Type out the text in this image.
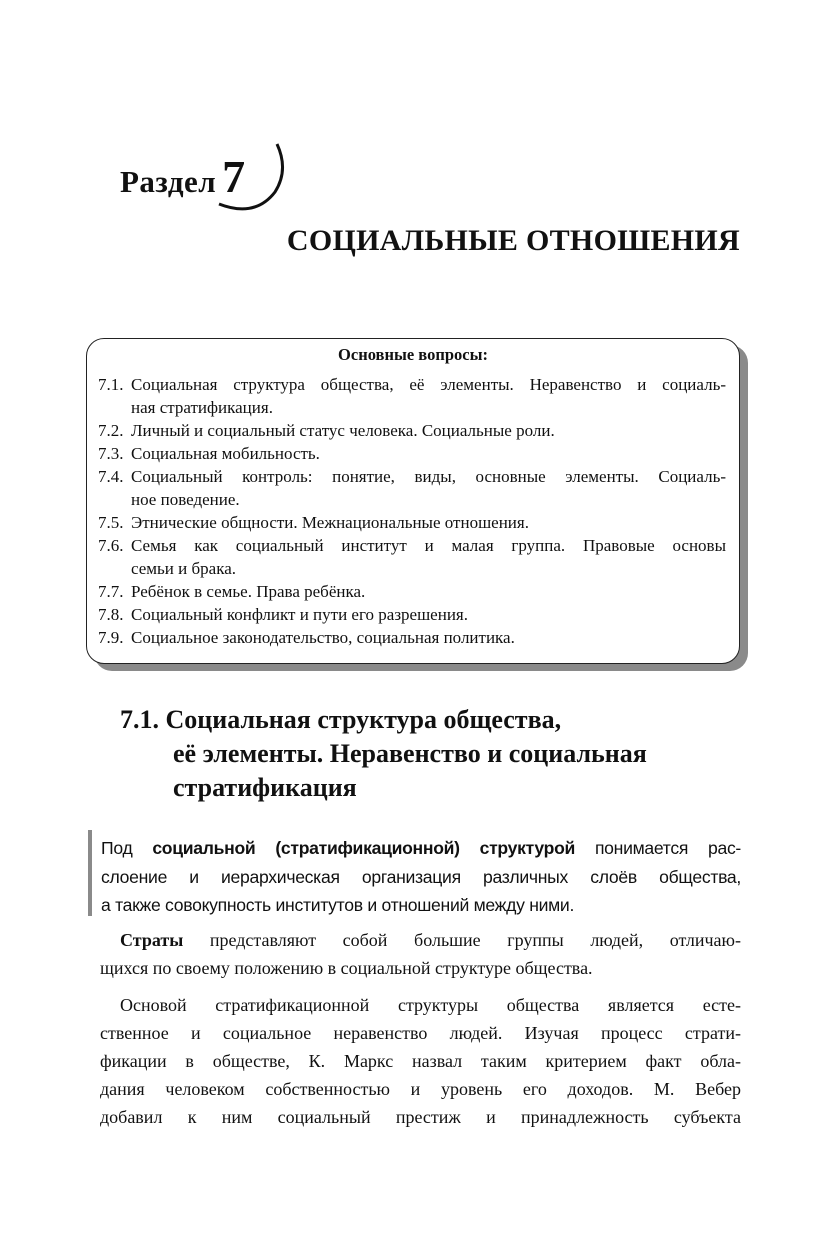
Раздел 7
СОЦИАЛЬНЫЕ ОТНОШЕНИЯ
Основные вопросы:
7.1. Социальная структура общества, её элементы. Неравенство и социаль-
ная стратификация.
7.2. Личный и социальный статус человека. Социальные роли.
7.3. Социальная мобильность.
7.4. Социальный контроль: понятие, виды, основные элементы. Социаль-
ное поведение.
7.5. Этнические общности. Межнациональные отношения.
7.6. Семья как социальный институт и малая группа. Правовые основы
семьи и брака.
7.7. Ребёнок в семье. Права ребёнка.
7.8. Социальный конфликт и пути его разрешения.
7.9. Социальное законодательство, социальная политика.
7.1. Социальная структура общества,
её элементы. Неравенство и социальная
стратификация
Под социальной (стратификационной) структурой понимается рас-
слоение и иерархическая организация различных слоёв общества,
а также совокупность институтов и отношений между ними.
Страты представляют собой большие группы людей, отличаю-
щихся по своему положению в социальной структуре общества.
Основой стратификационной структуры общества является есте-
ственное и социальное неравенство людей. Изучая процесс страти-
фикации в обществе, К. Маркс назвал таким критерием факт обла-
дания человеком собственностью и уровень его доходов. М. Вебер
добавил к ним социальный престиж и принадлежность субъекта
